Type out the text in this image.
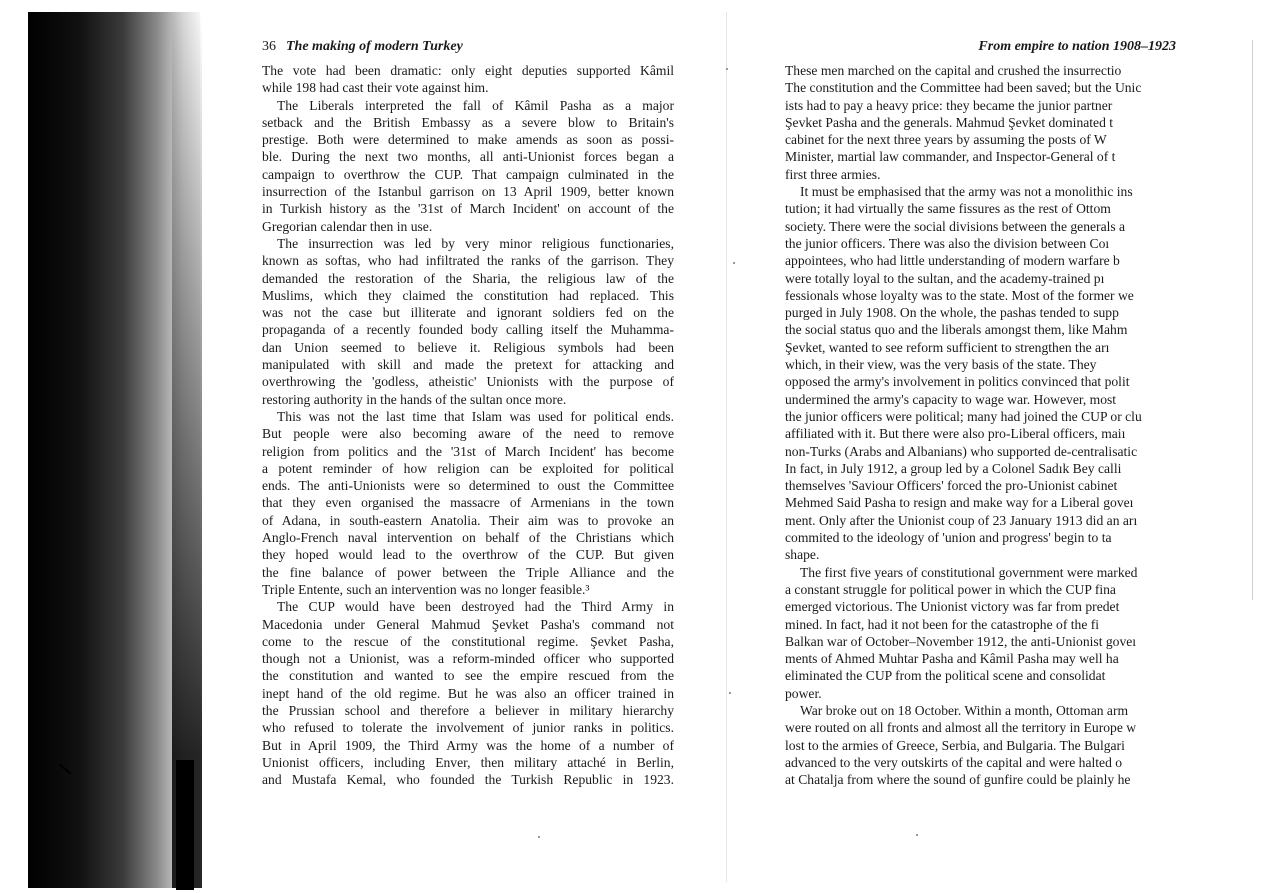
36 The making of modern Turkey
The vote had been dramatic: only eight deputies supported Kâmil
while 198 had cast their vote against him.
The Liberals interpreted the fall of Kâmil Pasha as a major
setback and the British Embassy as a severe blow to Britain's
prestige. Both were determined to make amends as soon as possi-
ble. During the next two months, all anti-Unionist forces began a
campaign to overthrow the CUP. That campaign culminated in the
insurrection of the Istanbul garrison on 13 April 1909, better known
in Turkish history as the '31st of March Incident' on account of the
Gregorian calendar then in use.
The insurrection was led by very minor religious functionaries,
known as softas, who had infiltrated the ranks of the garrison. They
demanded the restoration of the Sharia, the religious law of the
Muslims, which they claimed the constitution had replaced. This
was not the case but illiterate and ignorant soldiers fed on the
propaganda of a recently founded body calling itself the Muhamma-
dan Union seemed to believe it. Religious symbols had been
manipulated with skill and made the pretext for attacking and
overthrowing the 'godless, atheistic' Unionists with the purpose of
restoring authority in the hands of the sultan once more.
This was not the last time that Islam was used for political ends.
But people were also becoming aware of the need to remove
religion from politics and the '31st of March Incident' has become
a potent reminder of how religion can be exploited for political
ends. The anti-Unionists were so determined to oust the Committee
that they even organised the massacre of Armenians in the town
of Adana, in south-eastern Anatolia. Their aim was to provoke an
Anglo-French naval intervention on behalf of the Christians which
they hoped would lead to the overthrow of the CUP. But given
the fine balance of power between the Triple Alliance and the
Triple Entente, such an intervention was no longer feasible.³
The CUP would have been destroyed had the Third Army in
Macedonia under General Mahmud Şevket Pasha's command not
come to the rescue of the constitutional regime. Şevket Pasha,
though not a Unionist, was a reform-minded officer who supported
the constitution and wanted to see the empire rescued from the
inept hand of the old regime. But he was also an officer trained in
the Prussian school and therefore a believer in military hierarchy
who refused to tolerate the involvement of junior ranks in politics.
But in April 1909, the Third Army was the home of a number of
Unionist officers, including Enver, then military attaché in Berlin,
and Mustafa Kemal, who founded the Turkish Republic in 1923.
From empire to nation 1908–1923
These men marched on the capital and crushed the insurrectio
The constitution and the Committee had been saved; but the Unic
ists had to pay a heavy price: they became the junior partner
Şevket Pasha and the generals. Mahmud Şevket dominated t
cabinet for the next three years by assuming the posts of W
Minister, martial law commander, and Inspector-General of t
first three armies.
It must be emphasised that the army was not a monolithic ins
tution; it had virtually the same fissures as the rest of Ottom
society. There were the social divisions between the generals a
the junior officers. There was also the division between Coı
appointees, who had little understanding of modern warfare b
were totally loyal to the sultan, and the academy-trained pı
fessionals whose loyalty was to the state. Most of the former we
purged in July 1908. On the whole, the pashas tended to supp
the social status quo and the liberals amongst them, like Mahm
Şevket, wanted to see reform sufficient to strengthen the arı
which, in their view, was the very basis of the state. They
opposed the army's involvement in politics convinced that polit
undermined the army's capacity to wage war. However, most
the junior officers were political; many had joined the CUP or clu
affiliated with it. But there were also pro-Liberal officers, maiı
non-Turks (Arabs and Albanians) who supported de-centralisatic
In fact, in July 1912, a group led by a Colonel Sadık Bey calli
themselves 'Saviour Officers' forced the pro-Unionist cabinet
Mehmed Said Pasha to resign and make way for a Liberal goveı
ment. Only after the Unionist coup of 23 January 1913 did an arı
commited to the ideology of 'union and progress' begin to ta
shape.
The first five years of constitutional government were marked
a constant struggle for political power in which the CUP fina
emerged victorious. The Unionist victory was far from predet
mined. In fact, had it not been for the catastrophe of the fi
Balkan war of October–November 1912, the anti-Unionist goveı
ments of Ahmed Muhtar Pasha and Kâmil Pasha may well ha
eliminated the CUP from the political scene and consolidat
power.
War broke out on 18 October. Within a month, Ottoman arm
were routed on all fronts and almost all the territory in Europe w
lost to the armies of Greece, Serbia, and Bulgaria. The Bulgari
advanced to the very outskirts of the capital and were halted o
at Chatalja from where the sound of gunfire could be plainly he
